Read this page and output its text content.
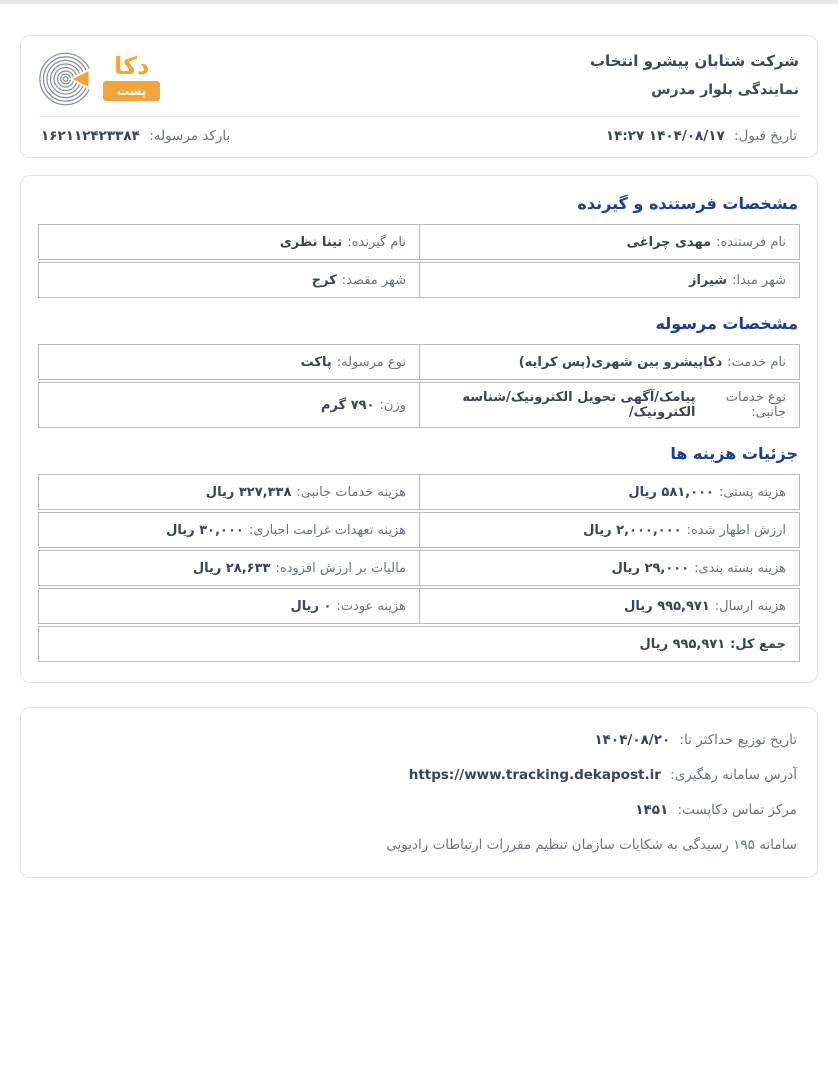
شرکت شتابان پیشرو انتخاب
نمایندگی بلوار مدرس
دکا
پست
تاریخ قبول: ۱۴۰۴/۰۸/۱۷ ۱۴:۲۷
بارکد مرسوله: ۱۶۲۱۱۲۴۲۳۳۸۴
مشخصات فرستنده و گیرنده
نام فرستنده:
مهدی چراغی
نام گیرنده:
تینا نظری
شهر مبدا:
شیراز
شهر مقصد:
کرج
مشخصات مرسوله
نام خدمت:
دکاپیشرو بین شهری(پس کرایه)
نوع مرسوله:
پاکت
نوع خدمات جانبی:
پیامک/آگهی تحویل الکترونیک/شناسه الکترونیک/
وزن:
۷۹۰ گرم
جزئیات هزینه ها
هزینه پستی:
۵۸۱,۰۰۰ ریال
هزینه خدمات جانبی:
۳۲۷,۳۳۸ ریال
ارزش اظهار شده:
۲,۰۰۰,۰۰۰ ریال
هزینه تعهدات غرامت اجباری:
۳۰,۰۰۰ ریال
هزینه بسته بندی:
۲۹,۰۰۰ ریال
مالیات بر ارزش افزوده:
۲۸,۶۳۳ ریال
هزینه ارسال:
۹۹۵,۹۷۱ ریال
هزینه عودت:
۰ ریال
جمع کل:
۹۹۵,۹۷۱ ریال
تاریخ توزیع حداکثر تا: ۱۴۰۴/۰۸/۲۰
آدرس سامانه رهگیری: https://www.tracking.dekapost.ir
مرکز تماس دکاپست: ۱۴۵۱
سامانه ۱۹۵ رسیدگی به شکایات سازمان تنظیم مقررات ارتباطات رادیویی
